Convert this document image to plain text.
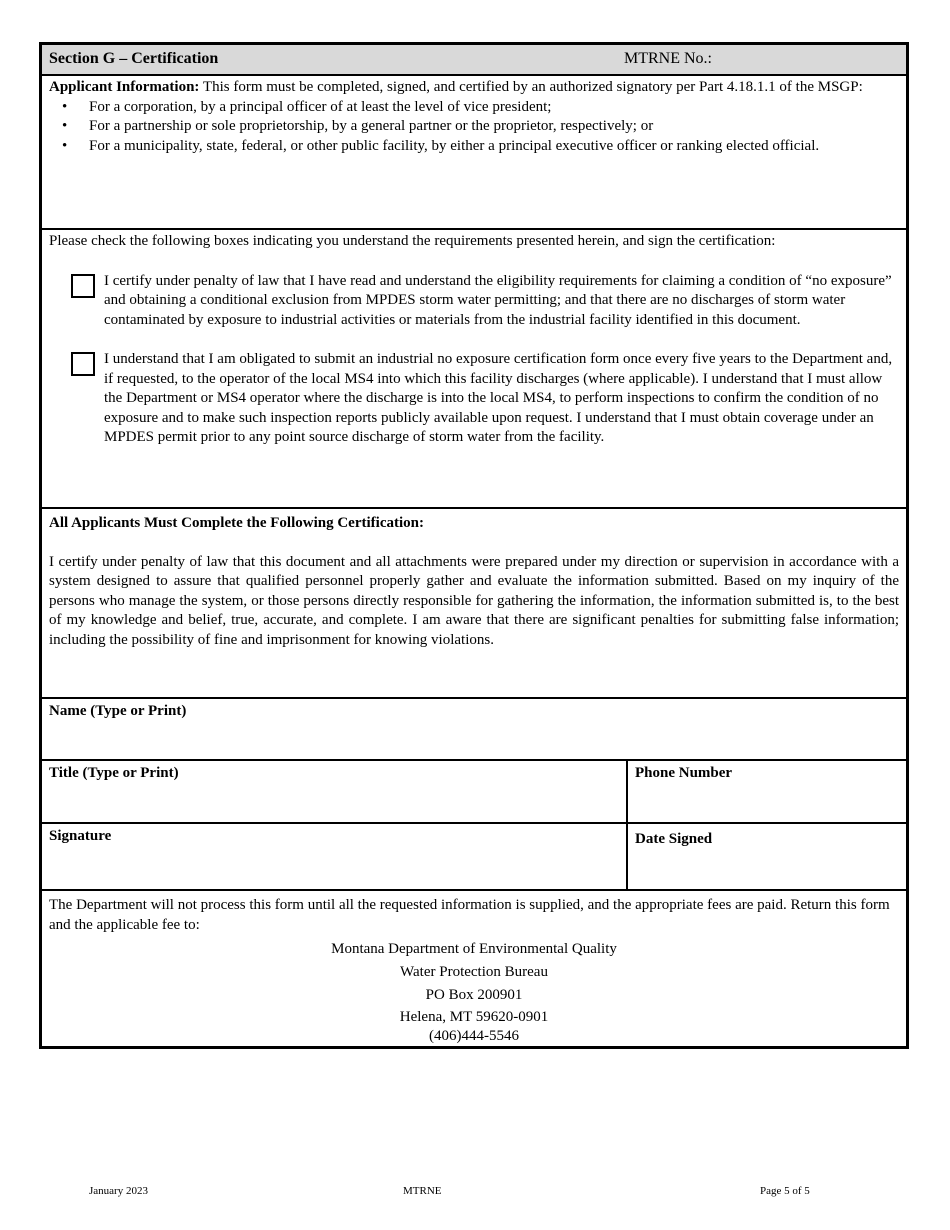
Section G – Certification	MTRNE No.:
Applicant Information: This form must be completed, signed, and certified by an authorized signatory per Part 4.18.1.1 of the MSGP:
• For a corporation, by a principal officer of at least the level of vice president;
• For a partnership or sole proprietorship, by a general partner or the proprietor, respectively; or
• For a municipality, state, federal, or other public facility, by either a principal executive officer or ranking elected official.
Please check the following boxes indicating you understand the requirements presented herein, and sign the certification:
I certify under penalty of law that I have read and understand the eligibility requirements for claiming a condition of “no exposure” and obtaining a conditional exclusion from MPDES storm water permitting; and that there are no discharges of storm water contaminated by exposure to industrial activities or materials from the industrial facility identified in this document.
I understand that I am obligated to submit an industrial no exposure certification form once every five years to the Department and, if requested, to the operator of the local MS4 into which this facility discharges (where applicable). I understand that I must allow the Department or MS4 operator where the discharge is into the local MS4, to perform inspections to confirm the condition of no exposure and to make such inspection reports publicly available upon request. I understand that I must obtain coverage under an MPDES permit prior to any point source discharge of storm water from the facility.
All Applicants Must Complete the Following Certification:
I certify under penalty of law that this document and all attachments were prepared under my direction or supervision in accordance with a system designed to assure that qualified personnel properly gather and evaluate the information submitted. Based on my inquiry of the persons who manage the system, or those persons directly responsible for gathering the information, the information submitted is, to the best of my knowledge and belief, true, accurate, and complete. I am aware that there are significant penalties for submitting false information; including the possibility of fine and imprisonment for knowing violations.
Name (Type or Print)
Title (Type or Print)	Phone Number
Signature	Date Signed
The Department will not process this form until all the requested information is supplied, and the appropriate fees are paid. Return this form and the applicable fee to:
Montana Department of Environmental Quality
Water Protection Bureau
PO Box 200901
Helena, MT 59620-0901
(406)444-5546
January 2023	MTRNE	Page 5 of 5
